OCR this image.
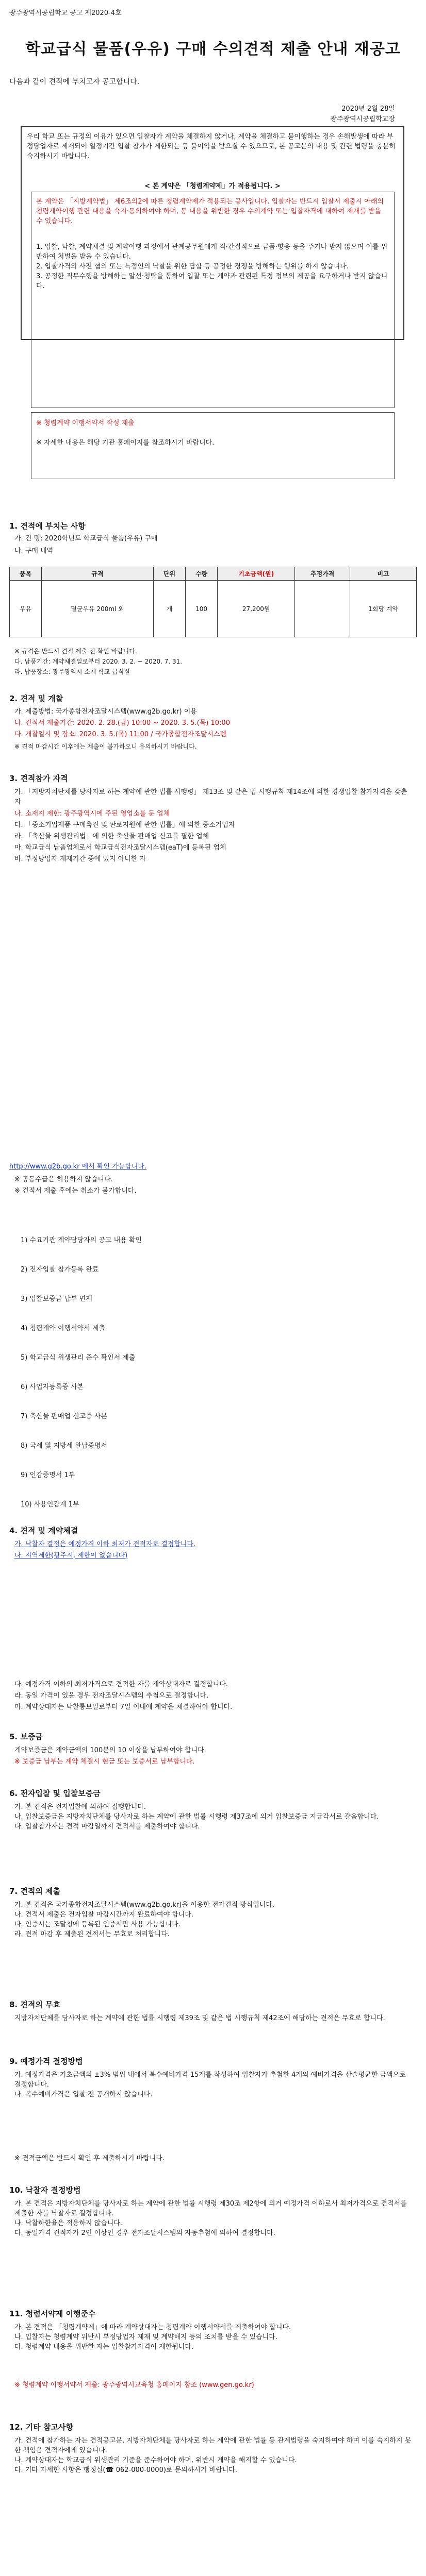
광주광역시공립학교 공고 제2020-4호
학교급식 물품(우유) 구매 수의견적 제출 안내 재공고
다음과 같이 견적에 부치고자 공고합니다.
2020년 2월 28일
광주광역시공립학교장
우리 학교 또는 규정의 이유가 있으면 입찰자가 계약을 체결하지 않거나, 계약을 체결하고 불이행하는 경우 손해발생에 따라 부정당업자로 제재되어 일정기간 입찰 참가가 제한되는 등 불이익을 받으실 수 있으므로, 본 공고문의 내용 및 관련 법령을 충분히 숙지하시기 바랍니다.
< 본 계약은 「청렴계약제」가 적용됩니다. >
본 계약은 「지방계약법」 제6조의2에 따른 청렴계약제가 적용되는 공사입니다. 입찰자는 반드시 입찰서 제출시 아래의 청렴계약이행 관련 내용을 숙지·동의하여야 하며, 동 내용을 위반한 경우 수의계약 또는 입찰자격에 대하여 제재를 받을 수 있습니다.
1. 입찰, 낙찰, 계약체결 및 계약이행 과정에서 관계공무원에게 직·간접적으로 금품·향응 등을 주거나 받지 않으며 이를 위반하여 처벌을 받을 수 있습니다.
2. 입찰가격의 사전 협의 또는 특정인의 낙찰을 위한 담합 등 공정한 경쟁을 방해하는 행위를 하지 않습니다.
3. 공정한 직무수행을 방해하는 알선·청탁을 통하여 입찰 또는 계약과 관련된 특정 정보의 제공을 요구하거나 받지 않습니다.
※ 청렴계약 이행서약서 작성 제출
※ 자세한 내용은 해당 기관 홈페이지를 참조하시기 바랍니다.
1. 견적에 부치는 사항
가. 건 명: 2020학년도 학교급식 물품(우유) 구매
나. 구매 내역
품목	규격	단위	수량	기초금액(원)	추정가격	비고
우유	멸균우유 200ml 외	개	100	27,200원		1회당 계약
※ 규격은 반드시 견적 제출 전 확인 바랍니다.
다. 납품기간: 계약체결일로부터 2020. 3. 2. ~ 2020. 7. 31.
라. 납품장소: 광주광역시 소재 학교 급식실
2. 견적 및 개찰
가. 제출방법: 국가종합전자조달시스템(www.g2b.go.kr) 이용
나. 견적서 제출기간: 2020. 2. 28.(금) 10:00 ~ 2020. 3. 5.(목) 10:00
다. 개찰일시 및 장소: 2020. 3. 5.(목) 11:00 / 국가종합전자조달시스템
※ 견적 마감시간 이후에는 제출이 불가하오니 유의하시기 바랍니다.
3. 견적참가 자격
가. 「지방자치단체를 당사자로 하는 계약에 관한 법률 시행령」 제13조 및 같은 법 시행규칙 제14조에 의한 경쟁입찰 참가자격을 갖춘 자
나. 소재지 제한: 광주광역시에 주된 영업소를 둔 업체
다. 「중소기업제품 구매촉진 및 판로지원에 관한 법률」에 의한 중소기업자
라. 「축산물 위생관리법」에 의한 축산물 판매업 신고를 필한 업체
마. 학교급식 납품업체로서 학교급식전자조달시스템(eaT)에 등록된 업체
바. 부정당업자 제재기간 중에 있지 아니한 자
http://www.g2b.go.kr 에서 확인 가능합니다.
※ 공동수급은 허용하지 않습니다.
※ 견적서 제출 후에는 취소가 불가합니다.

1) 수요기관 계약담당자의 공고 내용 확인

2) 전자입찰 참가등록 완료

3) 입찰보증금 납부 면제

4) 청렴계약 이행서약서 제출

5) 학교급식 위생관리 준수 확인서 제출

6) 사업자등록증 사본

7) 축산물 판매업 신고증 사본

8) 국세 및 지방세 완납증명서

9) 인감증명서 1부

10) 사용인감계 1부

4. 견적 및 계약체결
가. 낙찰자 결정은 예정가격 이하 최저가 견적자로 결정합니다.
나. 지역제한(광주시, 제한이 없습니다)
다. 예정가격 이하의 최저가격으로 견적한 자를 계약상대자로 결정합니다.
라. 동일 가격이 있을 경우 전자조달시스템의 추첨으로 결정합니다.
마. 계약상대자는 낙찰통보일로부터 7일 이내에 계약을 체결하여야 합니다.
5. 보증금
계약보증금은 계약금액의 100분의 10 이상을 납부하여야 합니다.
※ 보증금 납부는 계약 체결시 현금 또는 보증서로 납부합니다.
6. 전자입찰 및 입찰보증금
가. 본 견적은 전자입찰에 의하여 집행합니다.
나. 입찰보증금은 지방자치단체를 당사자로 하는 계약에 관한 법률 시행령 제37조에 의거 입찰보증금 지급각서로 갈음합니다.
다. 입찰참가자는 견적 마감일까지 견적서를 제출하여야 합니다.
7. 견적의 제출
가. 본 견적은 국가종합전자조달시스템(www.g2b.go.kr)을 이용한 전자견적 방식입니다.
나. 견적서 제출은 전자입찰 마감시간까지 완료하여야 합니다.
다. 인증서는 조달청에 등록된 인증서만 사용 가능합니다.
라. 견적 마감 후 제출된 견적서는 무효로 처리합니다.
8. 견적의 무효
지방자치단체를 당사자로 하는 계약에 관한 법률 시행령 제39조 및 같은 법 시행규칙 제42조에 해당하는 견적은 무효로 합니다.
9. 예정가격 결정방법
가. 예정가격은 기초금액의 ±3% 범위 내에서 복수예비가격 15개를 작성하여 입찰자가 추첨한 4개의 예비가격을 산술평균한 금액으로 결정합니다.
나. 복수예비가격은 입찰 전 공개하지 않습니다.
※ 견적금액은 반드시 확인 후 제출하시기 바랍니다.
10. 낙찰자 결정방법
가. 본 견적은 지방자치단체를 당사자로 하는 계약에 관한 법률 시행령 제30조 제2항에 의거 예정가격 이하로서 최저가격으로 견적서를 제출한 자를 낙찰자로 결정합니다.
나. 낙찰하한율은 적용하지 않습니다.
다. 동일가격 견적자가 2인 이상인 경우 전자조달시스템의 자동추첨에 의하여 결정합니다.
11. 청렴서약제 이행준수
가. 본 견적은 「청렴계약제」에 따라 계약상대자는 청렴계약 이행서약서를 제출하여야 합니다.
나. 입찰자는 청렴계약 위반시 부정당업자 제재 및 계약해지 등의 조치를 받을 수 있습니다.
다. 청렴계약 내용을 위반한 자는 입찰참가자격이 제한됩니다.
※ 청렴계약 이행서약서 제출: 광주광역시교육청 홈페이지 참조 (www.gen.go.kr)
12. 기타 참고사항
가. 견적에 참가하는 자는 견적공고문, 지방자치단체를 당사자로 하는 계약에 관한 법률 등 관계법령을 숙지하여야 하며 이를 숙지하지 못한 책임은 견적자에게 있습니다.
나. 계약상대자는 학교급식 위생관리 기준을 준수하여야 하며, 위반시 계약을 해지할 수 있습니다.
다. 기타 자세한 사항은 행정실(☎ 062-000-0000)로 문의하시기 바랍니다.
